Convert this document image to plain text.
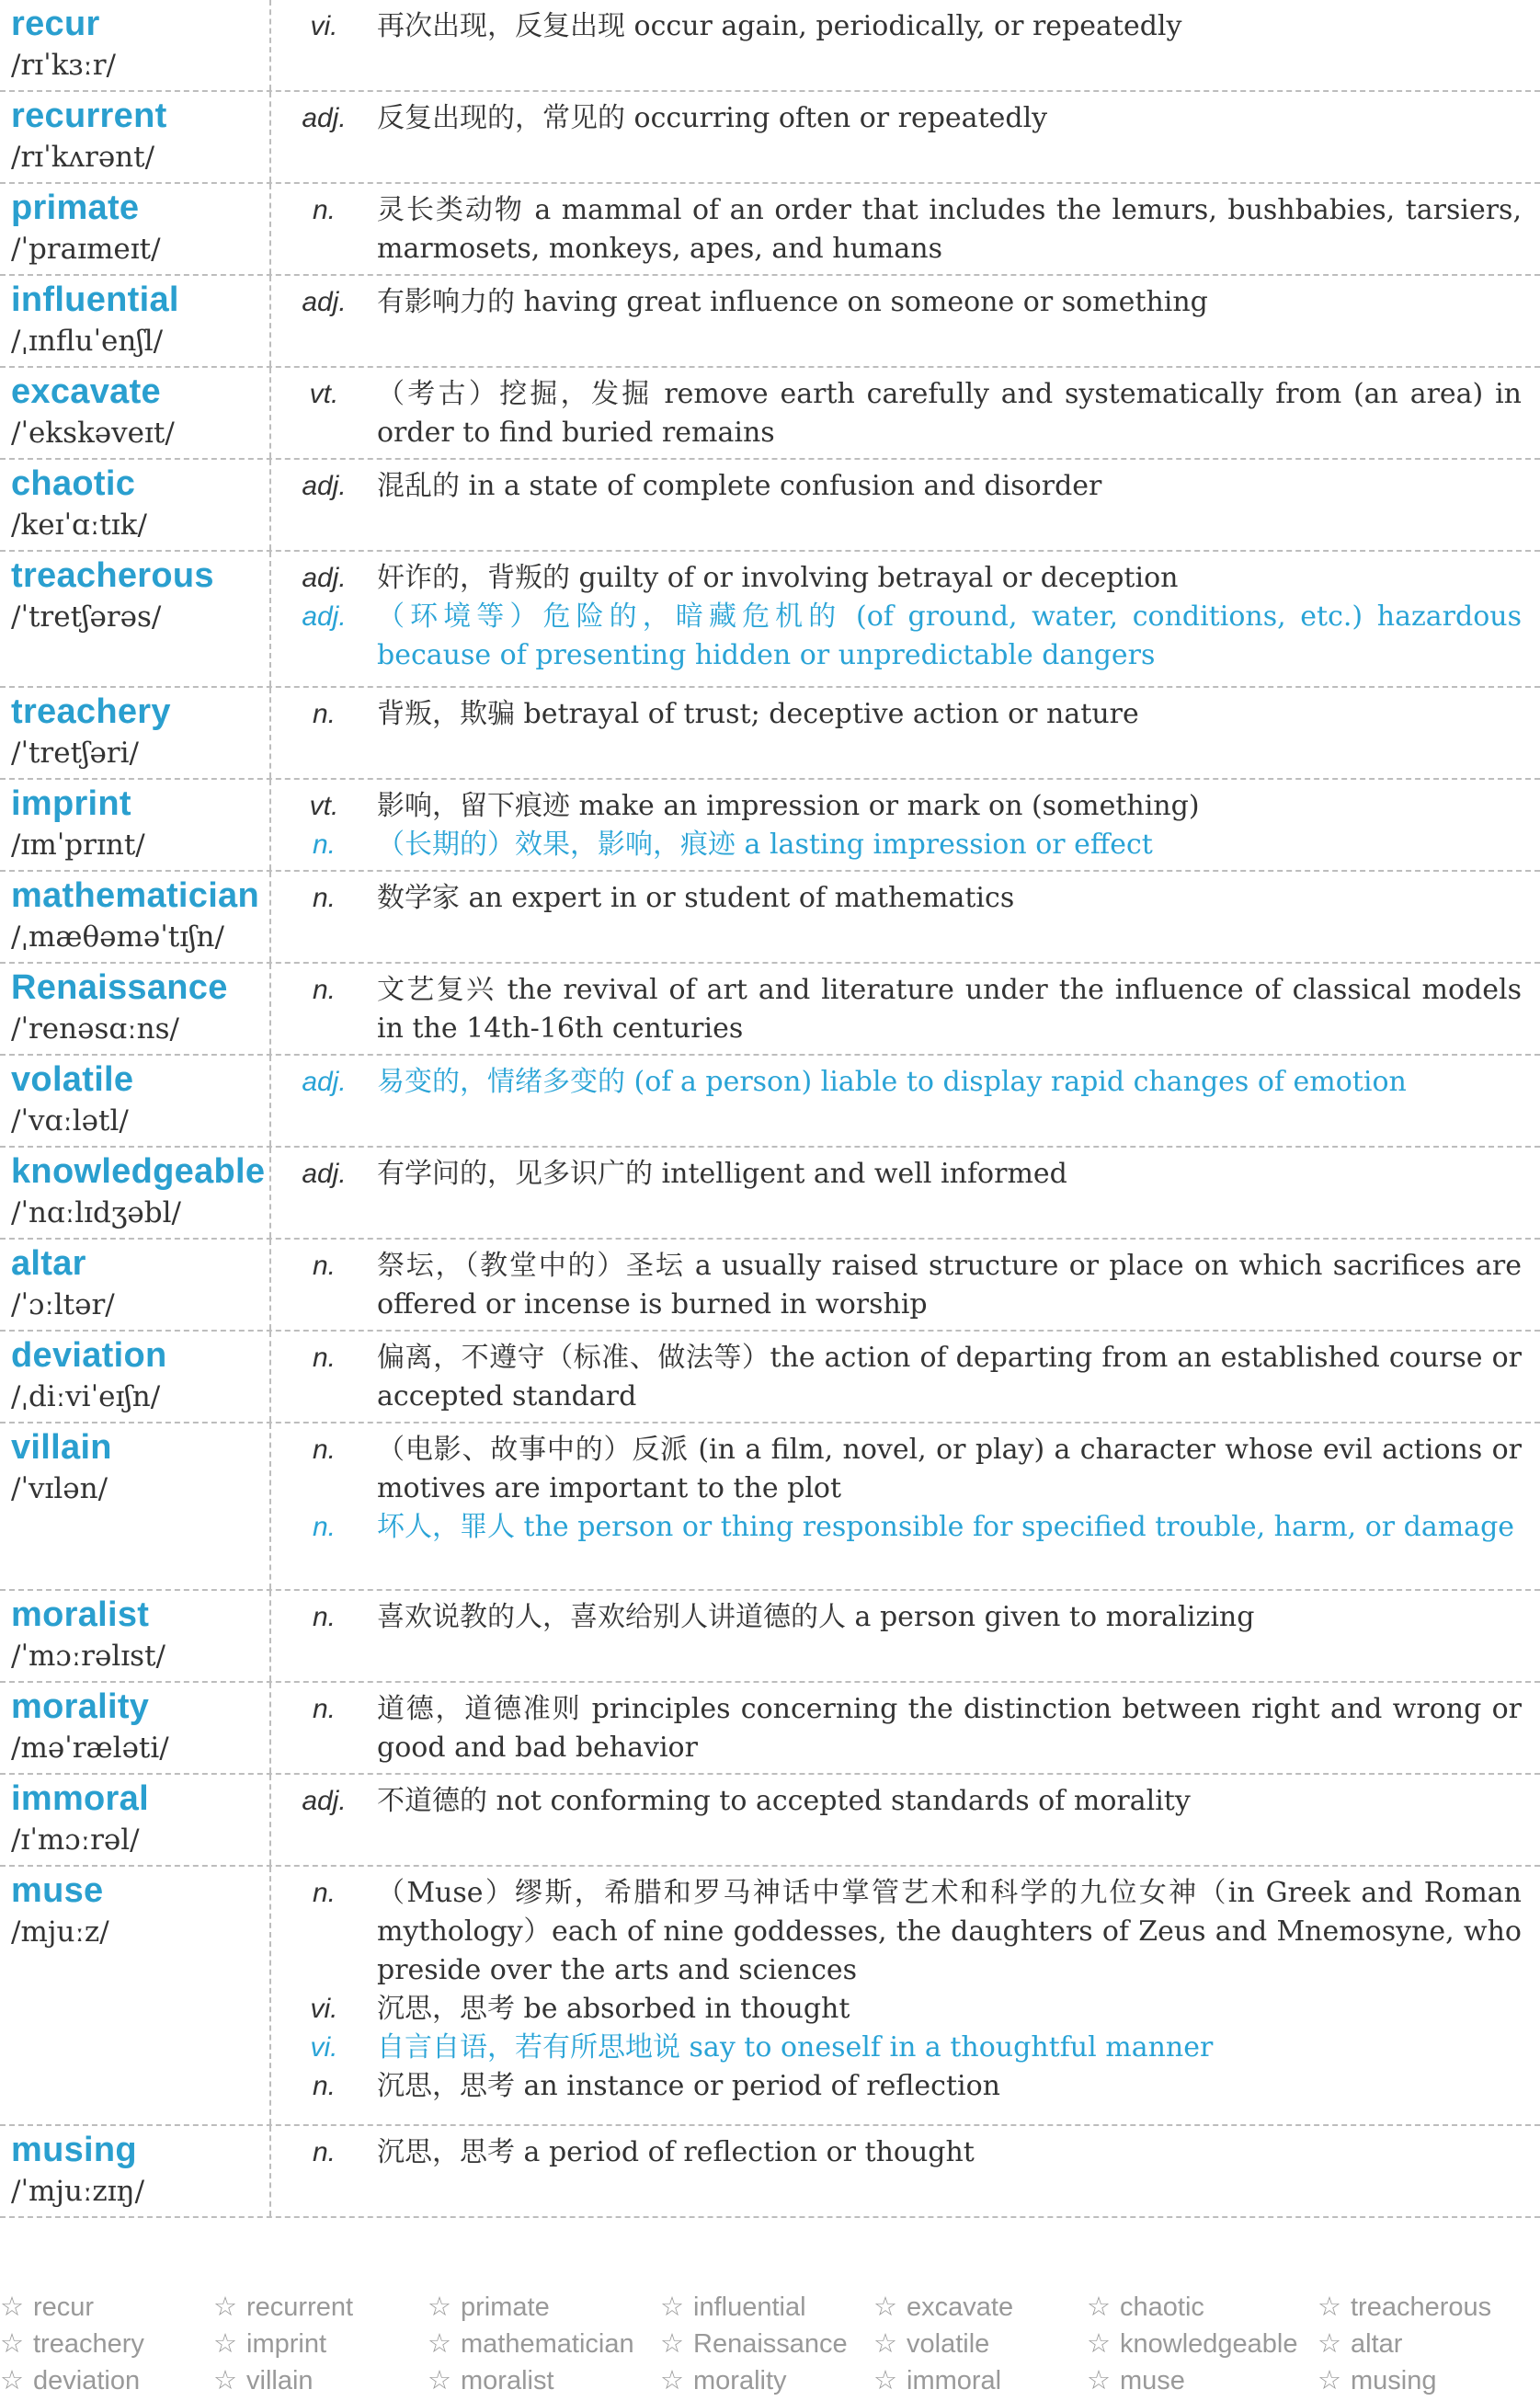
recur
/rɪˈkɜːr/
vi.	再次出现，反复出现 occur again, periodically, or repeatedly
recurrent
/rɪˈkʌrənt/
adj.	反复出现的，常见的 occurring often or repeatedly
primate
/ˈpraɪmeɪt/
n.	灵长类动物 a mammal of an order that includes the lemurs, bushbabies, tarsiers, marmosets, monkeys, apes, and humans
influential
/ˌɪnfluˈenʃl/
adj.	有影响力的 having great influence on someone or something
excavate
/ˈekskəveɪt/
vt.	（考古）挖掘，发掘 remove earth carefully and systematically from (an area) in order to find buried remains
chaotic
/keɪˈɑːtɪk/
adj.	混乱的 in a state of complete confusion and disorder
treacherous
/ˈtretʃərəs/
adj.	奸诈的，背叛的 guilty of or involving betrayal or deception
adj.	（环境等）危险的，暗藏危机的 (of ground, water, conditions, etc.) hazardous because of presenting hidden or unpredictable dangers
treachery
/ˈtretʃəri/
n.	背叛，欺骗 betrayal of trust; deceptive action or nature
imprint
/ɪmˈprɪnt/
vt.	影响，留下痕迹 make an impression or mark on (something)
n.	（长期的）效果，影响，痕迹 a lasting impression or effect
mathematician
/ˌmæθəməˈtɪʃn/
n.	数学家 an expert in or student of mathematics
Renaissance
/ˈrenəsɑːns/
n.	文艺复兴 the revival of art and literature under the influence of classical models in the 14th-16th centuries
volatile
/ˈvɑːlətl/
adj.	易变的，情绪多变的 (of a person) liable to display rapid changes of emotion
knowledgeable
/ˈnɑːlɪdʒəbl/
adj.	有学问的，见多识广的 intelligent and well informed
altar
/ˈɔːltər/
n.	祭坛，（教堂中的）圣坛 a usually raised structure or place on which sacrifices are offered or incense is burned in worship
deviation
/ˌdiːviˈeɪʃn/
n.	偏离，不遵守（标准、做法等）the action of departing from an established course or accepted standard
villain
/ˈvɪlən/
n.	（电影、故事中的）反派 (in a film, novel, or play) a character whose evil actions or motives are important to the plot
n.	坏人，罪人 the person or thing responsible for specified trouble, harm, or damage
moralist
/ˈmɔːrəlɪst/
n.	喜欢说教的人，喜欢给别人讲道德的人 a person given to moralizing
morality
/məˈræləti/
n.	道德，道德准则 principles concerning the distinction between right and wrong or good and bad behavior
immoral
/ɪˈmɔːrəl/
adj.	不道德的 not conforming to accepted standards of morality
muse
/mjuːz/
n.	（Muse）缪斯，希腊和罗马神话中掌管艺术和科学的九位女神（in Greek and Roman mythology）each of nine goddesses, the daughters of Zeus and Mnemosyne, who preside over the arts and sciences
vi.	沉思，思考 be absorbed in thought
vi.	自言自语，若有所思地说 say to oneself in a thoughtful manner
n.	沉思，思考 an instance or period of reflection
musing
/ˈmjuːzɪŋ/
n.	沉思，思考 a period of reflection or thought
☆ recur	☆ recurrent	☆ primate	☆ influential	☆ excavate	☆ chaotic	☆ treacherous
☆ treachery	☆ imprint	☆ mathematician ☆ Renaissance ☆ volatile	☆ knowledgeable ☆ altar
☆ deviation	☆ villain	☆ moralist	☆ morality	☆ immoral	☆ muse	☆ musing
